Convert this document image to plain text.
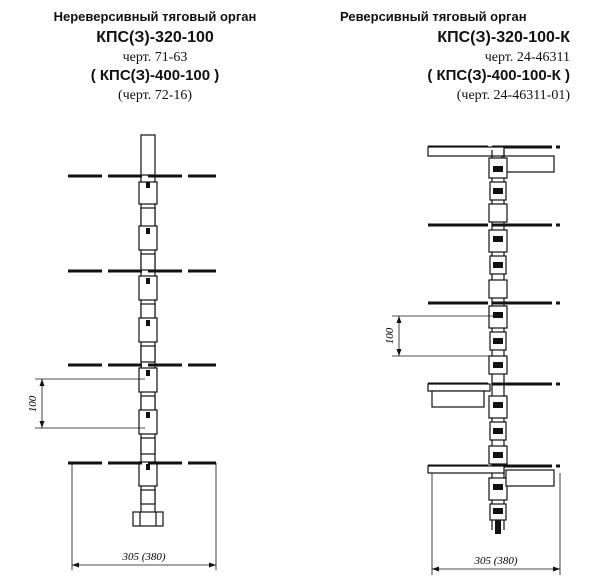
Нереверсивный тяговый орган
КПС(З)-320-100
черт. 71-63
( КПС(З)-400-100 )
(черт. 72-16)
Реверсивный тяговый орган
КПС(З)-320-100-К
черт. 24-46311
( КПС(З)-400-100-К )
(черт. 24-46311-01)
100
305 (380)
100
305 (380)
